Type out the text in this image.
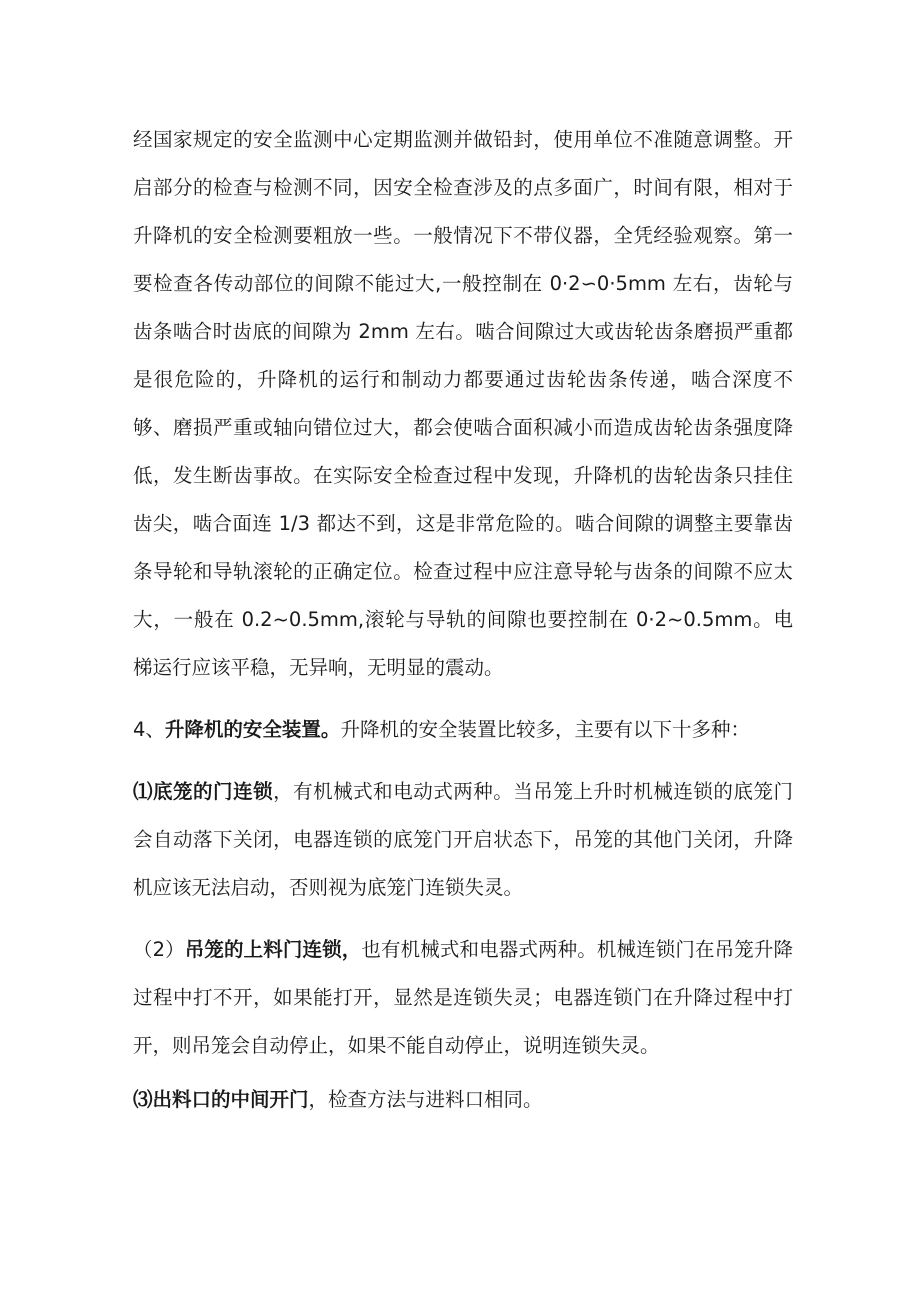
经国家规定的安全监测中心定期监测并做铅封，使用单位不准随意调整。开启部分的检查与检测不同，因安全检查涉及的点多面广，时间有限，相对于升降机的安全检测要粗放一些。一般情况下不带仪器，全凭经验观察。第一要检查各传动部位的间隙不能过大,一般控制在 0·2∽0·5mm 左右，齿轮与齿条啮合时齿底的间隙为 2mm 左右。啮合间隙过大或齿轮齿条磨损严重都是很危险的，升降机的运行和制动力都要通过齿轮齿条传递，啮合深度不够、磨损严重或轴向错位过大，都会使啮合面积减小而造成齿轮齿条强度降低，发生断齿事故。在实际安全检查过程中发现，升降机的齿轮齿条只挂住齿尖，啮合面连 1/3 都达不到，这是非常危险的。啮合间隙的调整主要靠齿条导轮和导轨滚轮的正确定位。检查过程中应注意导轮与齿条的间隙不应太大，一般在 0.2~0.5mm,滚轮与导轨的间隙也要控制在 0·2~0.5mm。电梯运行应该平稳，无异响，无明显的震动。

4、升降机的安全装置。升降机的安全装置比较多，主要有以下十多种：

⑴底笼的门连锁，有机械式和电动式两种。当吊笼上升时机械连锁的底笼门会自动落下关闭，电器连锁的底笼门开启状态下，吊笼的其他门关闭，升降机应该无法启动，否则视为底笼门连锁失灵。

（2）吊笼的上料门连锁，也有机械式和电器式两种。机械连锁门在吊笼升降过程中打不开，如果能打开，显然是连锁失灵；电器连锁门在升降过程中打开，则吊笼会自动停止，如果不能自动停止，说明连锁失灵。

⑶出料口的中间开门，检查方法与进料口相同。
